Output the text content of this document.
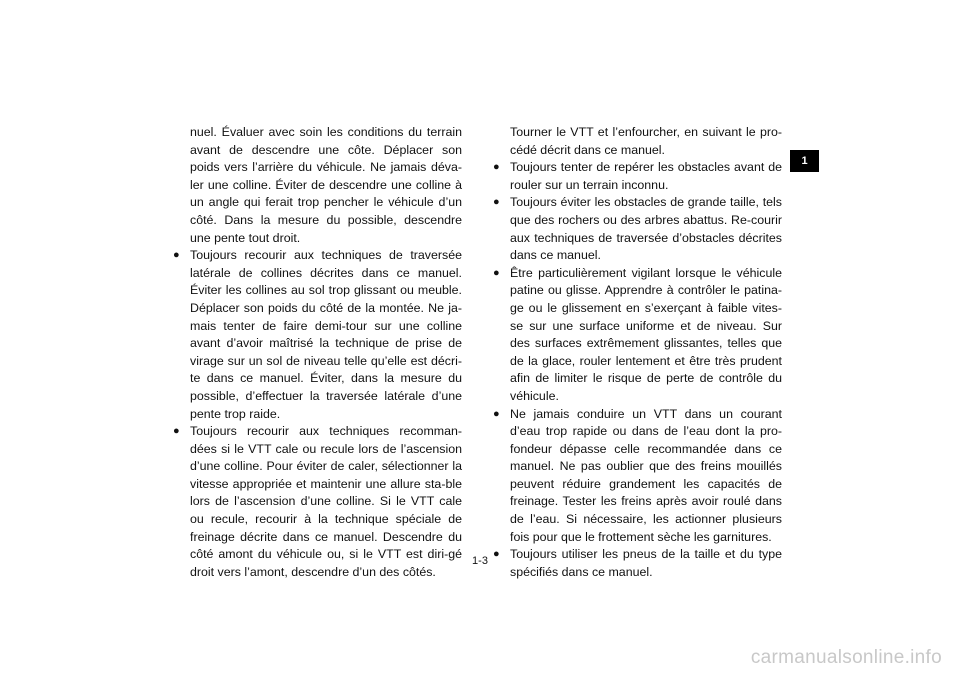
nuel. Évaluer avec soin les conditions du terrain avant de descendre une côte. Déplacer son poids vers l’arrière du véhicule. Ne jamais déva-ler une colline. Éviter de descendre une colline à un angle qui ferait trop pencher le véhicule d’un côté. Dans la mesure du possible, descendre une pente tout droit.

● Toujours recourir aux techniques de traversée latérale de collines décrites dans ce manuel. Éviter les collines au sol trop glissant ou meuble. Déplacer son poids du côté de la montée. Ne ja-mais tenter de faire demi-tour sur une colline avant d’avoir maîtrisé la technique de prise de virage sur un sol de niveau telle qu’elle est décri-te dans ce manuel. Éviter, dans la mesure du possible, d’effectuer la traversée latérale d’une pente trop raide.

● Toujours recourir aux techniques recomman-dées si le VTT cale ou recule lors de l’ascension d’une colline. Pour éviter de caler, sélectionner la vitesse appropriée et maintenir une allure sta-ble lors de l’ascension d’une colline. Si le VTT cale ou recule, recourir à la technique spéciale de freinage décrite dans ce manuel. Descendre du côté amont du véhicule ou, si le VTT est diri-gé droit vers l’amont, descendre d’un des côtés.

Tourner le VTT et l’enfourcher, en suivant le pro-cédé décrit dans ce manuel.

● Toujours tenter de repérer les obstacles avant de rouler sur un terrain inconnu.

● Toujours éviter les obstacles de grande taille, tels que des rochers ou des arbres abattus. Re-courir aux techniques de traversée d’obstacles décrites dans ce manuel.

● Être particulièrement vigilant lorsque le véhicule patine ou glisse. Apprendre à contrôler le patina-ge ou le glissement en s’exerçant à faible vites-se sur une surface uniforme et de niveau. Sur des surfaces extrêmement glissantes, telles que de la glace, rouler lentement et être très prudent afin de limiter le risque de perte de contrôle du véhicule.

● Ne jamais conduire un VTT dans un courant d’eau trop rapide ou dans de l’eau dont la pro-fondeur dépasse celle recommandée dans ce manuel. Ne pas oublier que des freins mouillés peuvent réduire grandement les capacités de freinage. Tester les freins après avoir roulé dans de l’eau. Si nécessaire, les actionner plusieurs fois pour que le frottement sèche les garnitures.

● Toujours utiliser les pneus de la taille et du type spécifiés dans ce manuel.

1
1-3
carmanualsonline.info
